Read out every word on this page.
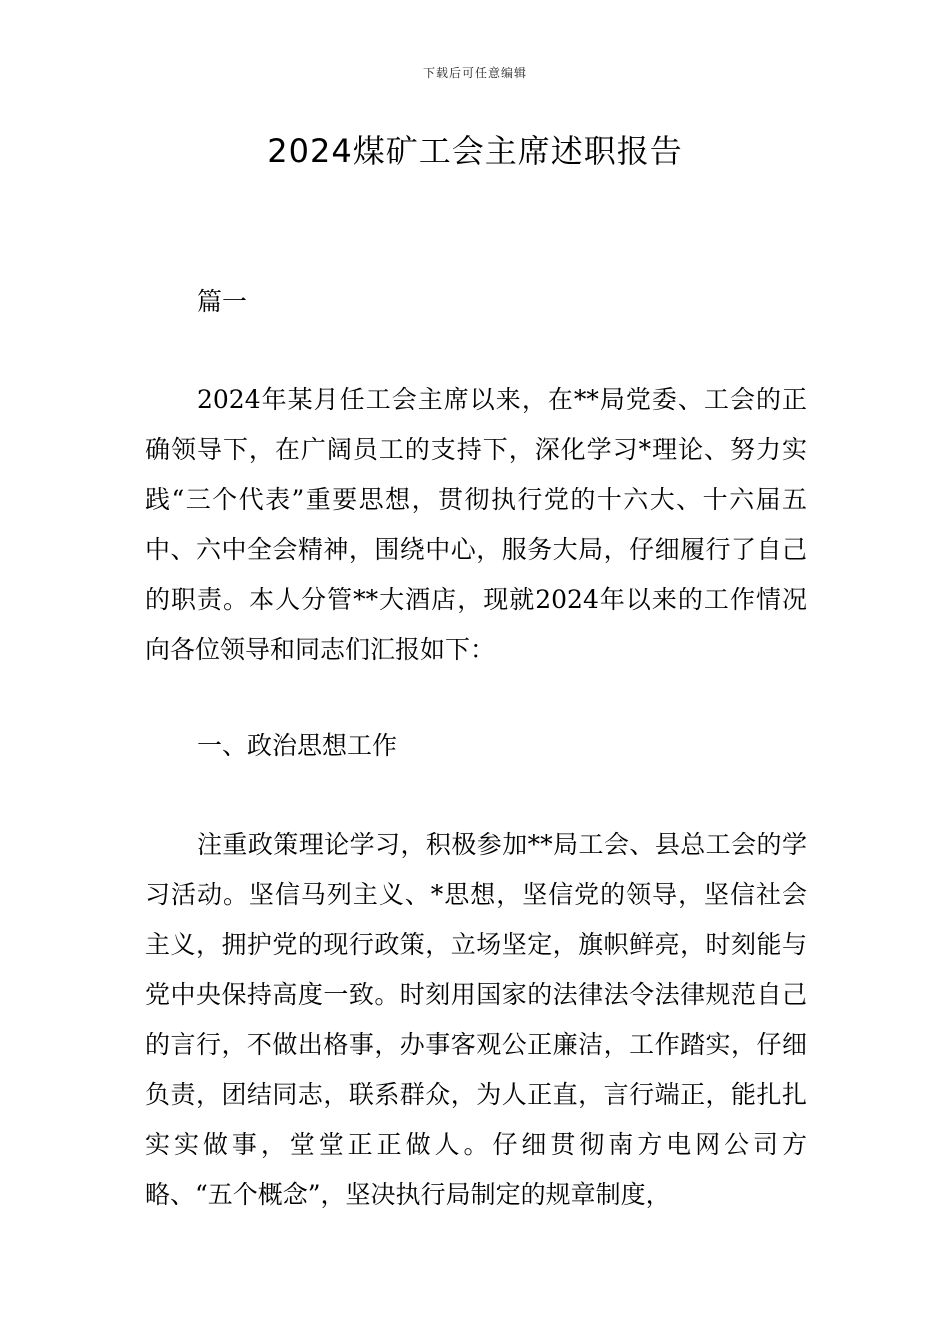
下载后可任意编辑
2024煤矿工会主席述职报告

篇一

2024年某月任工会主席以来，在**局党委、工会的正确领导下，在广阔员工的支持下，深化学习*理论、努力实践“三个代表”重要思想，贯彻执行党的十六大、十六届五中、六中全会精神，围绕中心，服务大局，仔细履行了自己的职责。本人分管**大酒店，现就2024年以来的工作情况向各位领导和同志们汇报如下：

一、政治思想工作

注重政策理论学习，积极参加**局工会、县总工会的学习活动。坚信马列主义、*思想，坚信党的领导，坚信社会主义，拥护党的现行政策，立场坚定，旗帜鲜亮，时刻能与党中央保持高度一致。时刻用国家的法律法令法律规范自己的言行，不做出格事，办事客观公正廉洁，工作踏实，仔细负责，团结同志，联系群众，为人正直，言行端正，能扎扎实实做事，堂堂正正做人。仔细贯彻南方电网公司方略、“五个概念”，坚决执行局制定的规章制度，
